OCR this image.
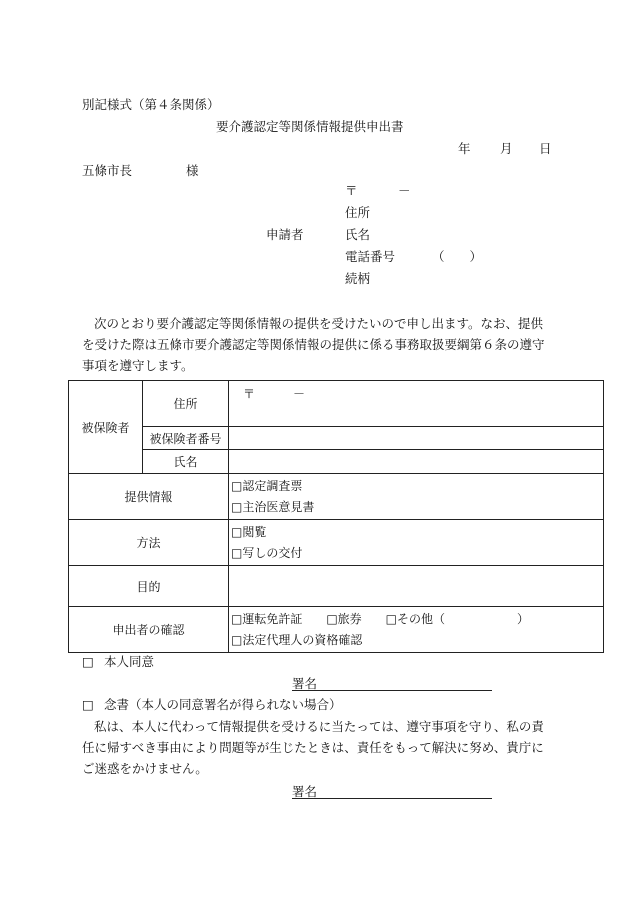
別記様式（第４条関係）
要介護認定等関係情報提供申出書
年 月 日
五條市長	様
〒	－
住所
申請者	氏名
電話番号	（　　）
続柄
次のとおり要介護認定等関係情報の提供を受けたいので申し出ます。なお、提供を受けた際は五條市要介護認定等関係情報の提供に係る事務取扱要綱第６条の遵守事項を遵守します。
被保険者	住所	〒 －

	被保険者番号	
	氏名	
提供情報		□認定調査票
□主治医意見書

方法		□閲覧
□写しの交付

目的		
申出者の確認		□運転免許証　　□旅券　　□その他（　　　　　　）
□法定代理人の資格確認
□ 本人同意
署名
□ 念書（本人の同意署名が得られない場合）
私は、本人に代わって情報提供を受けるに当たっては、遵守事項を守り、私の責任に帰すべき事由により問題等が生じたときは、責任をもって解決に努め、貴庁にご迷惑をかけません。
署名
